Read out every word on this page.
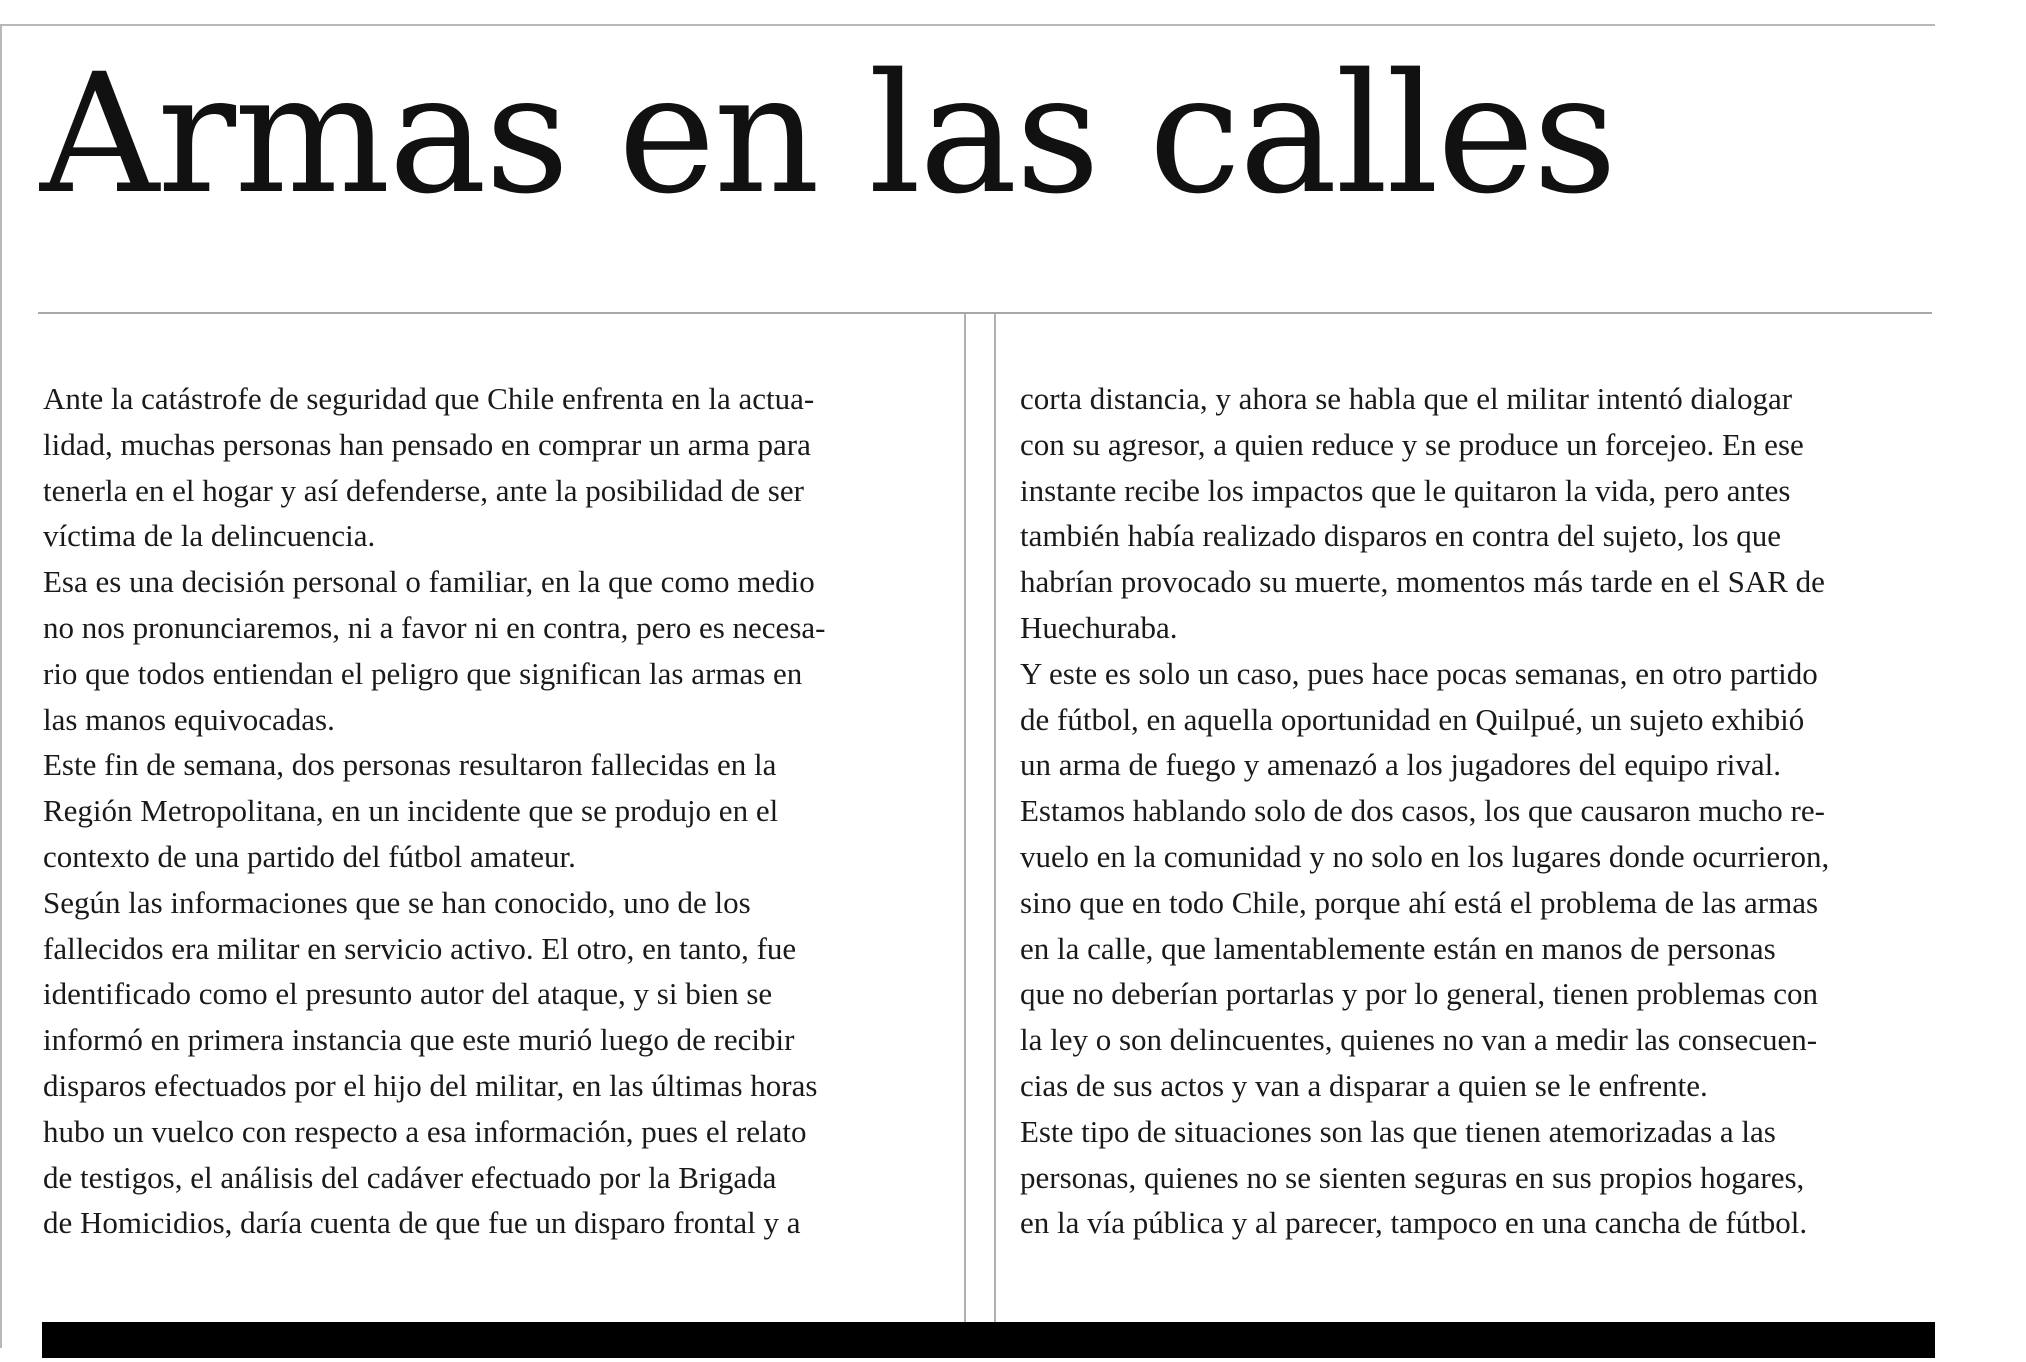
Armas en las calles
Ante la catástrofe de seguridad que Chile enfrenta en la actua-
lidad, muchas personas han pensado en comprar un arma para
tenerla en el hogar y así defenderse, ante la posibilidad de ser
víctima de la delincuencia.
Esa es una decisión personal o familiar, en la que como medio
no nos pronunciaremos, ni a favor ni en contra, pero es necesa-
rio que todos entiendan el peligro que significan las armas en
las manos equivocadas.
Este fin de semana, dos personas resultaron fallecidas en la
Región Metropolitana, en un incidente que se produjo en el
contexto de una partido del fútbol amateur.
Según las informaciones que se han conocido, uno de los
fallecidos era militar en servicio activo. El otro, en tanto, fue
identificado como el presunto autor del ataque, y si bien se
informó en primera instancia que este murió luego de recibir
disparos efectuados por el hijo del militar, en las últimas horas
hubo un vuelco con respecto a esa información, pues el relato
de testigos, el análisis del cadáver efectuado por la Brigada
de Homicidios, daría cuenta de que fue un disparo frontal y a
corta distancia, y ahora se habla que el militar intentó dialogar
con su agresor, a quien reduce y se produce un forcejeo. En ese
instante recibe los impactos que le quitaron la vida, pero antes
también había realizado disparos en contra del sujeto, los que
habrían provocado su muerte, momentos más tarde en el SAR de
Huechuraba.
Y este es solo un caso, pues hace pocas semanas, en otro partido
de fútbol, en aquella oportunidad en Quilpué, un sujeto exhibió
un arma de fuego y amenazó a los jugadores del equipo rival.
Estamos hablando solo de dos casos, los que causaron mucho re-
vuelo en la comunidad y no solo en los lugares donde ocurrieron,
sino que en todo Chile, porque ahí está el problema de las armas
en la calle, que lamentablemente están en manos de personas
que no deberían portarlas y por lo general, tienen problemas con
la ley o son delincuentes, quienes no van a medir las consecuen-
cias de sus actos y van a disparar a quien se le enfrente.
Este tipo de situaciones son las que tienen atemorizadas a las
personas, quienes no se sienten seguras en sus propios hogares,
en la vía pública y al parecer, tampoco en una cancha de fútbol.
